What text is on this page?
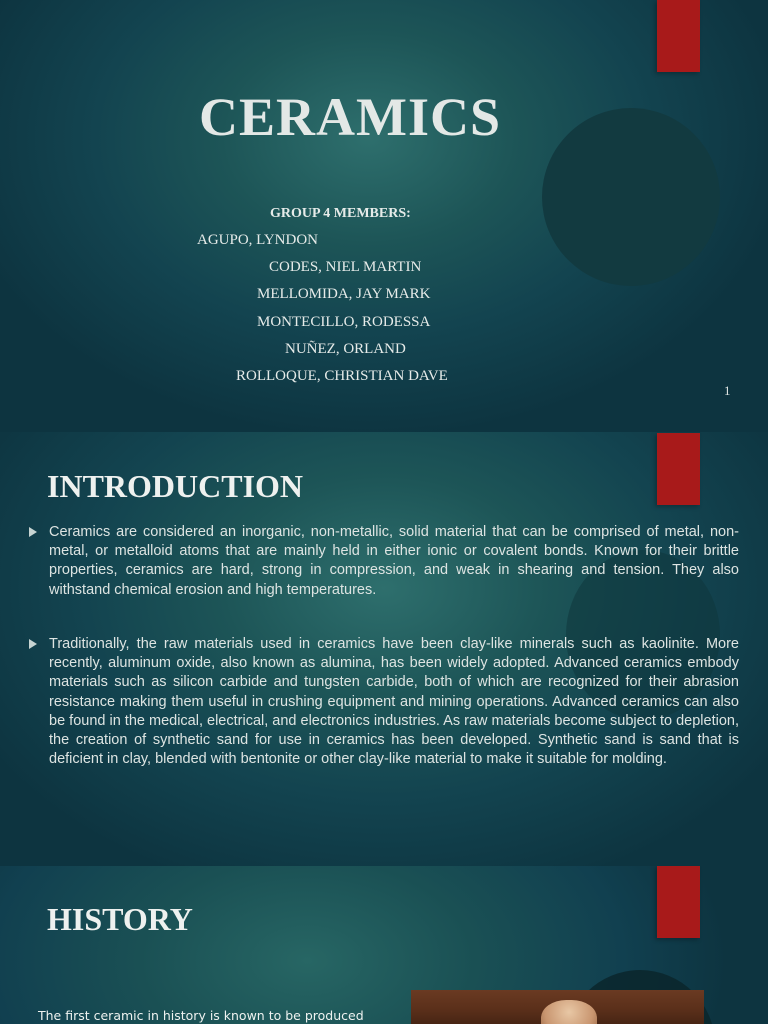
CERAMICS
GROUP 4 MEMBERS:
AGUPO, LYNDON
CODES, NIEL MARTIN
MELLOMIDA, JAY MARK
MONTECILLO, RODESSA
NUÑEZ, ORLAND
ROLLOQUE, CHRISTIAN DAVE
1
INTRODUCTION
Ceramics are considered an inorganic, non-metallic, solid material that can be comprised of metal, non-metal, or metalloid atoms that are mainly held in either ionic or covalent bonds. Known for their brittle properties, ceramics are hard, strong in compression, and weak in shearing and tension. They also withstand chemical erosion and high temperatures.
Traditionally, the raw materials used in ceramics have been clay-like minerals such as kaolinite. More recently, aluminum oxide, also known as alumina, has been widely adopted. Advanced ceramics embody materials such as silicon carbide and tungsten carbide, both of which are recognized for their abrasion resistance making them useful in crushing equipment and mining operations. Advanced ceramics can also be found in the medical, electrical, and electronics industries. As raw materials become subject to depletion, the creation of synthetic sand for use in ceramics has been developed. Synthetic sand is sand that is deficient in clay, blended with bentonite or other clay-like material to make it suitable for molding.
HISTORY
The first ceramic in history is known to be produced
